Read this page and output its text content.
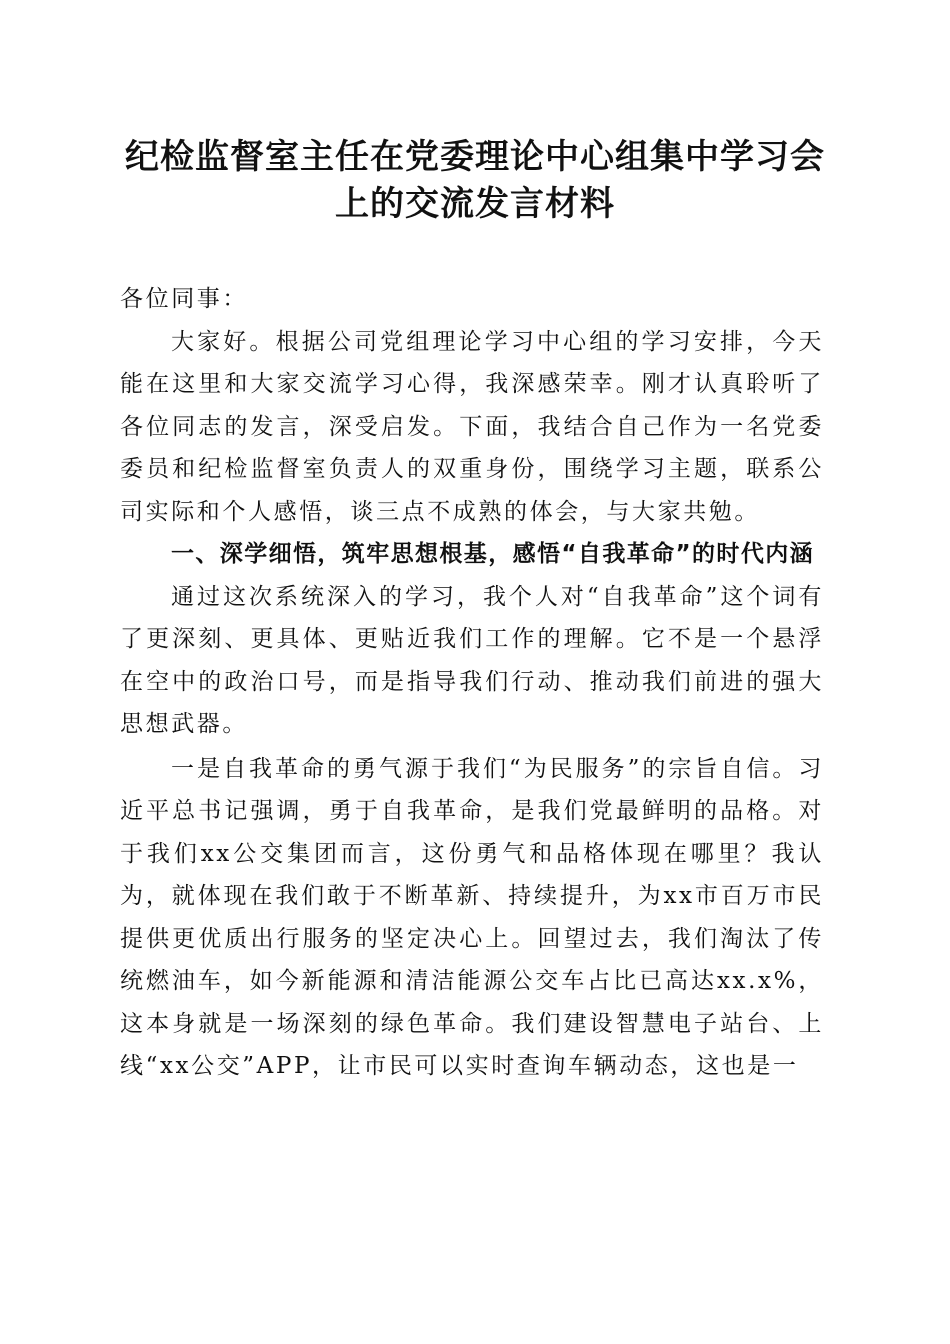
纪检监督室主任在党委理论中心组集中学习会
上的交流发言材料

各位同事：

大家好。根据公司党组理论学习中心组的学习安排，今天能在这里和大家交流学习心得，我深感荣幸。刚才认真聆听了各位同志的发言，深受启发。下面，我结合自己作为一名党委委员和纪检监督室负责人的双重身份，围绕学习主题，联系公司实际和个人感悟，谈三点不成熟的体会，与大家共勉。

一、深学细悟，筑牢思想根基，感悟“自我革命”的时代内涵

通过这次系统深入的学习，我个人对“自我革命”这个词有了更深刻、更具体、更贴近我们工作的理解。它不是一个悬浮在空中的政治口号，而是指导我们行动、推动我们前进的强大思想武器。

一是自我革命的勇气源于我们“为民服务”的宗旨自信。习近平总书记强调，勇于自我革命，是我们党最鲜明的品格。对于我们xx公交集团而言，这份勇气和品格体现在哪里？我认为，就体现在我们敢于不断革新、持续提升，为xx市百万市民提供更优质出行服务的坚定决心上。回望过去，我们淘汰了传统燃油车，如今新能源和清洁能源公交车占比已高达xx.x%，这本身就是一场深刻的绿色革命。我们建设智慧电子站台、上线“xx公交”APP，让市民可以实时查询车辆动态，这也是一
